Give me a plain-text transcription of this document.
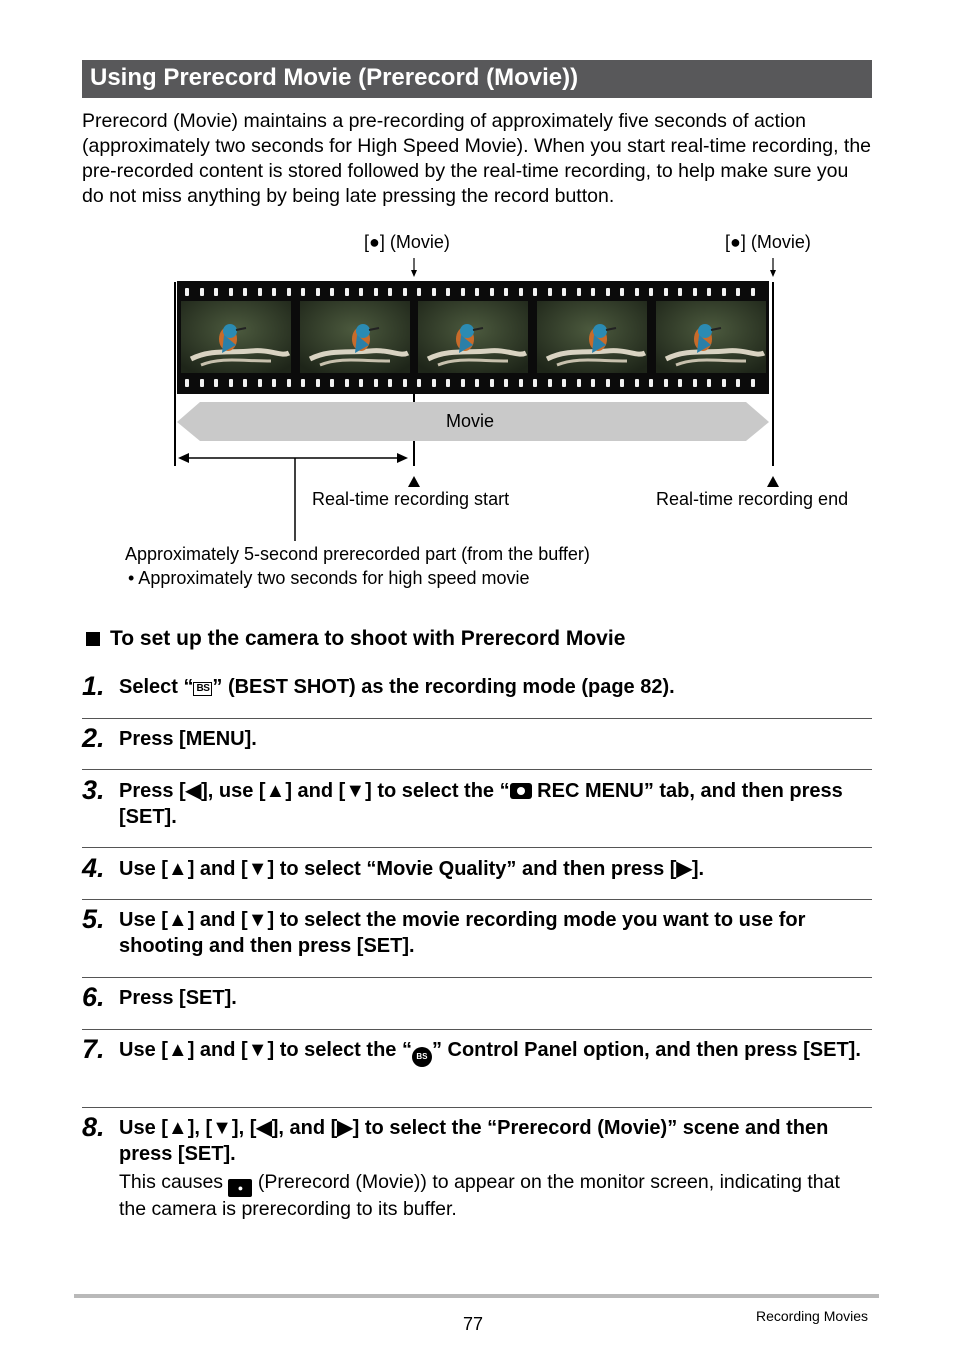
Using Prerecord Movie (Prerecord (Movie))

Prerecord (Movie) maintains a pre-recording of approximately five seconds of action (approximately two seconds for High Speed Movie). When you start real-time recording, the pre-recorded content is stored followed by the real-time recording, to help make sure you do not miss anything by being late pressing the record button.

[●] (Movie)	[●] (Movie)
Movie
Real-time recording start	Real-time recording end
Approximately 5-second prerecorded part (from the buffer)
• Approximately two seconds for high speed movie
To set up the camera to shoot with Prerecord Movie
1. Select “ BS ” (BEST SHOT) as the recording mode (page 82).
2. Press [MENU].
3. Press [◀], use [▲] and [▼] to select the “ REC MENU” tab, and then press [SET].
4. Use [▲] and [▼] to select “Movie Quality” and then press [▶].
5. Use [▲] and [▼] to select the movie recording mode you want to use for shooting and then press [SET].
6. Press [SET].
7. Use [▲] and [▼] to select the “ BS ” Control Panel option, and then press [SET].
8. Use [▲], [▼], [◀], and [▶] to select the “Prerecord (Movie)” scene and then press [SET].
This causes ● (Prerecord (Movie)) to appear on the monitor screen, indicating that the camera is prerecording to its buffer.
77	Recording Movies
